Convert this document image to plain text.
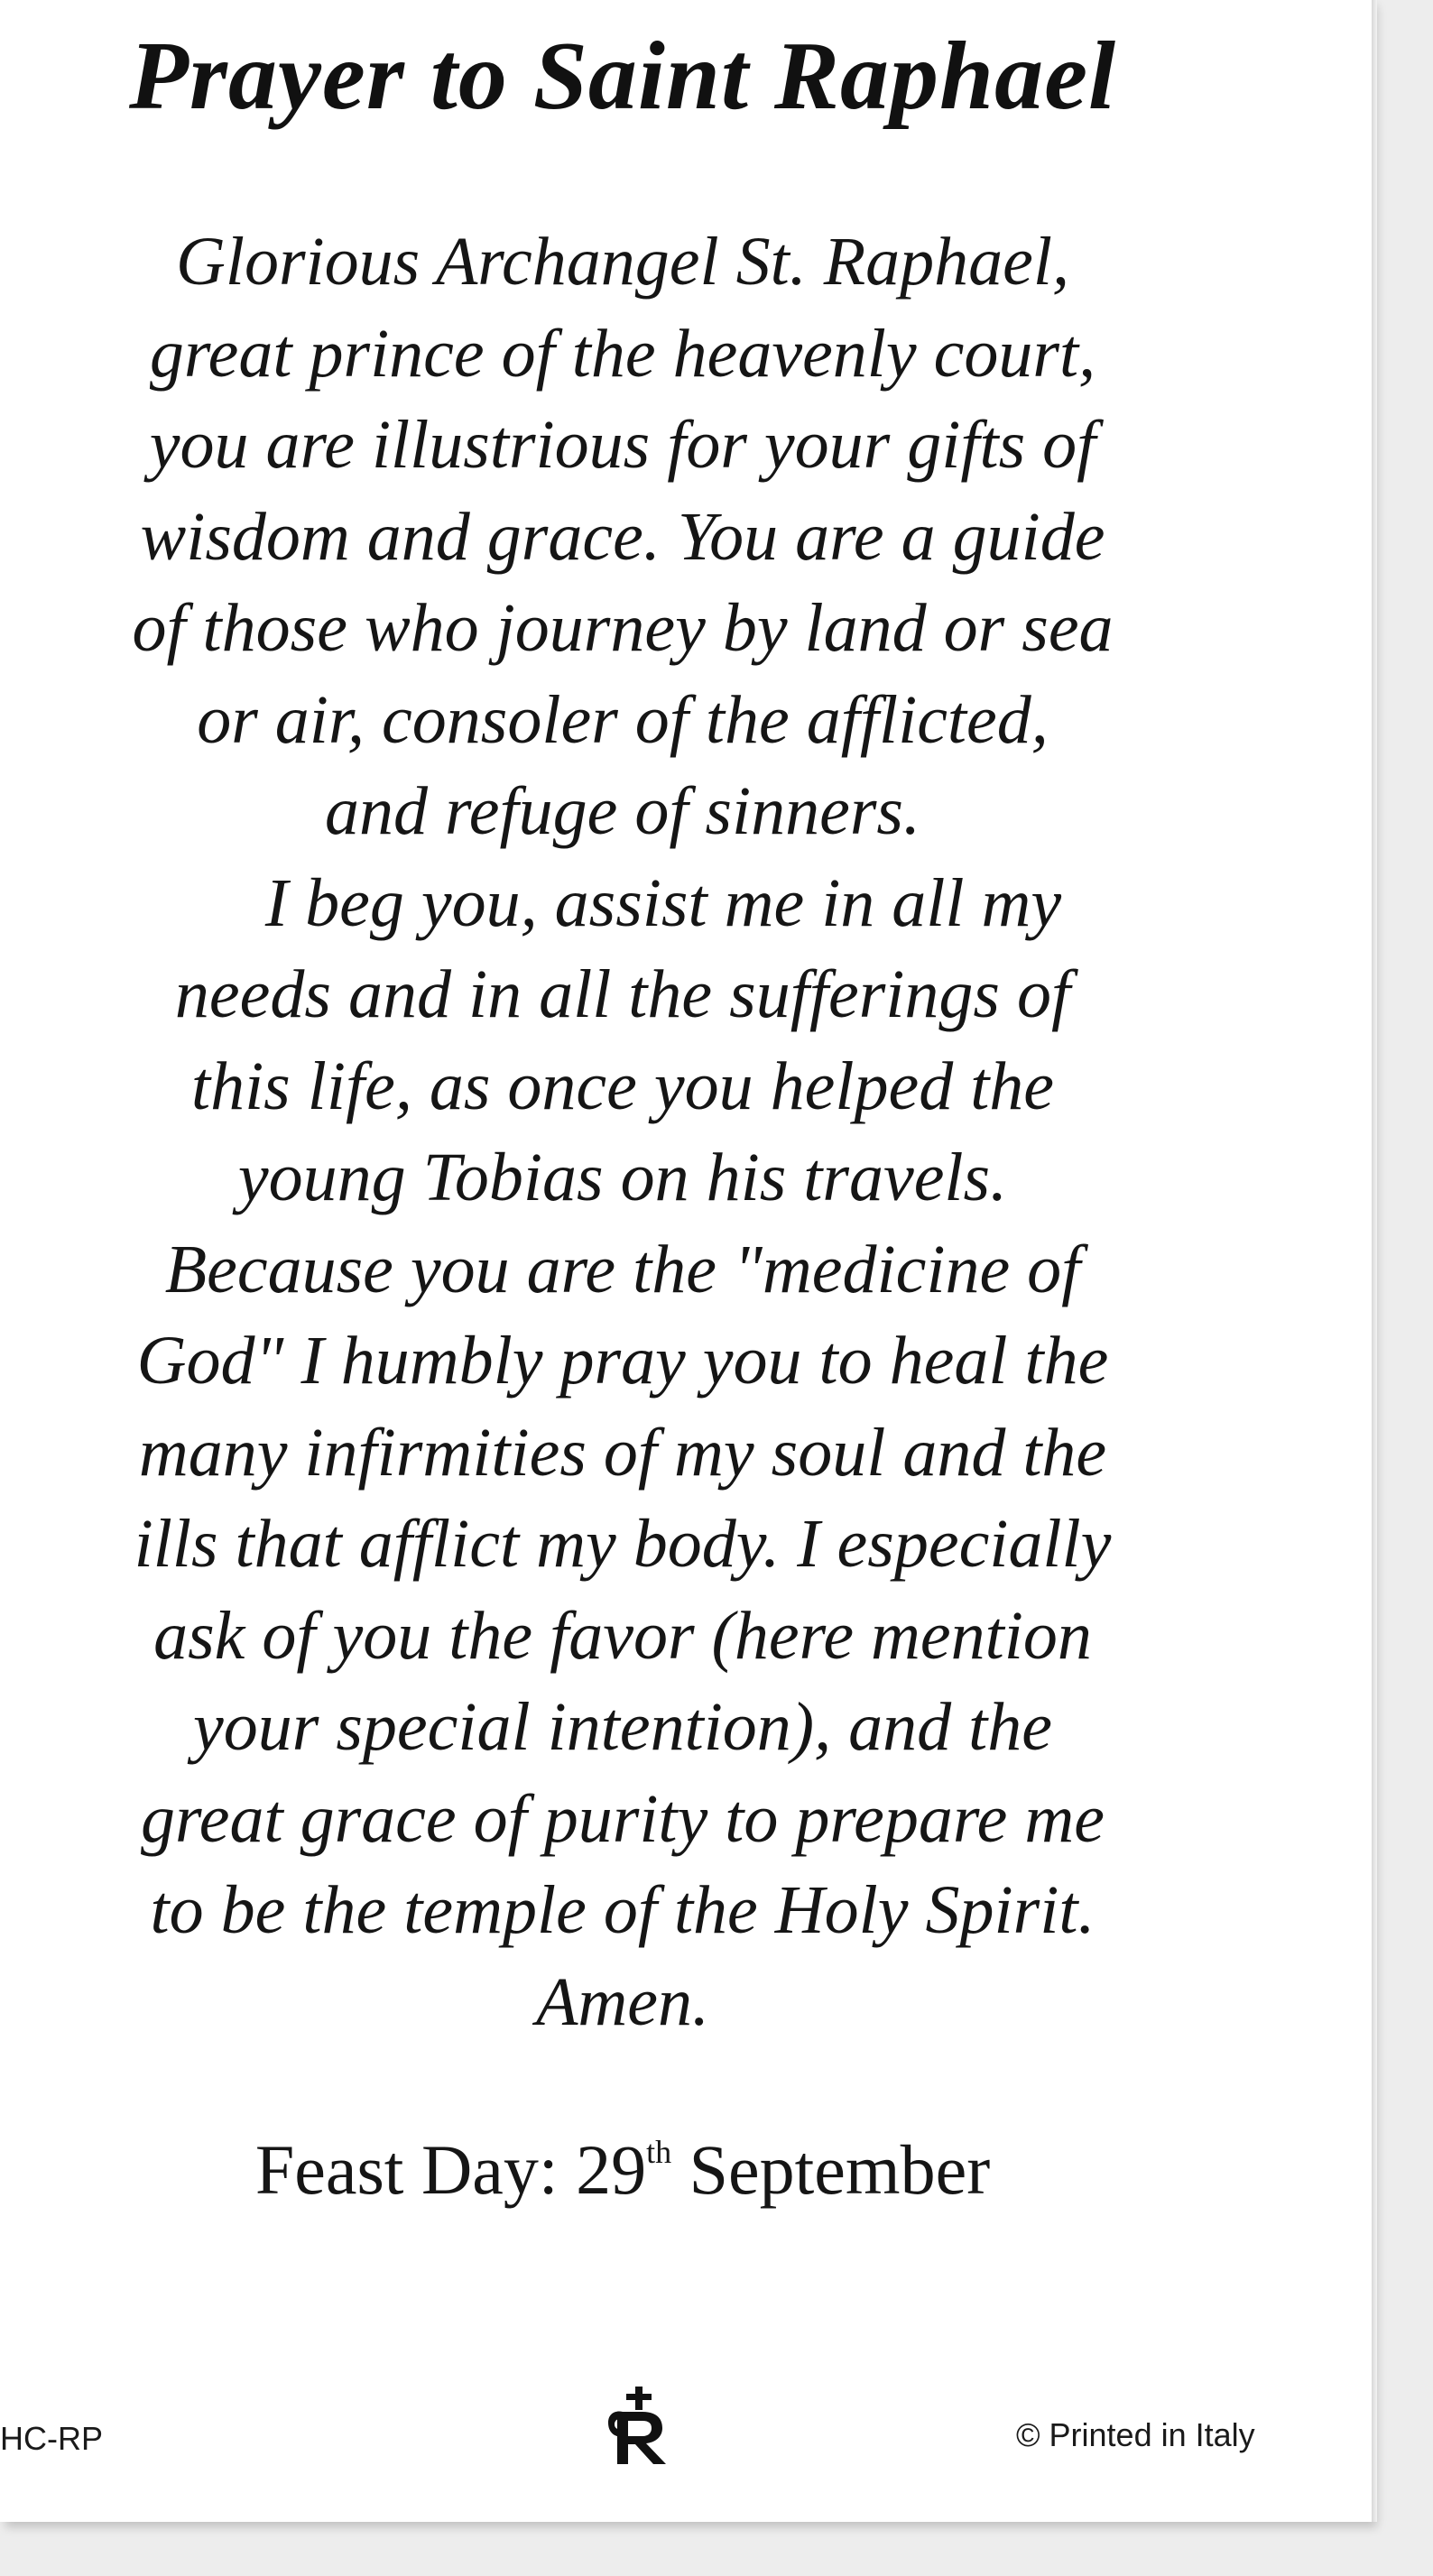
Prayer to Saint Raphael
Glorious Archangel St. Raphael,
great prince of the heavenly court,
you are illustrious for your gifts of
wisdom and grace. You are a guide
of those who journey by land or sea
or air, consoler of the afflicted,
and refuge of sinners.
I beg you, assist me in all my
needs and in all the sufferings of
this life, as once you helped the
young Tobias on his travels.
Because you are the "medicine of
God" I humbly pray you to heal the
many infirmities of my soul and the
ills that afflict my body. I especially
ask of you the favor (here mention
your special intention), and the
great grace of purity to prepare me
to be the temple of the Holy Spirit.
Amen.
Feast Day: 29th September
HC-RP	© Printed in Italy
